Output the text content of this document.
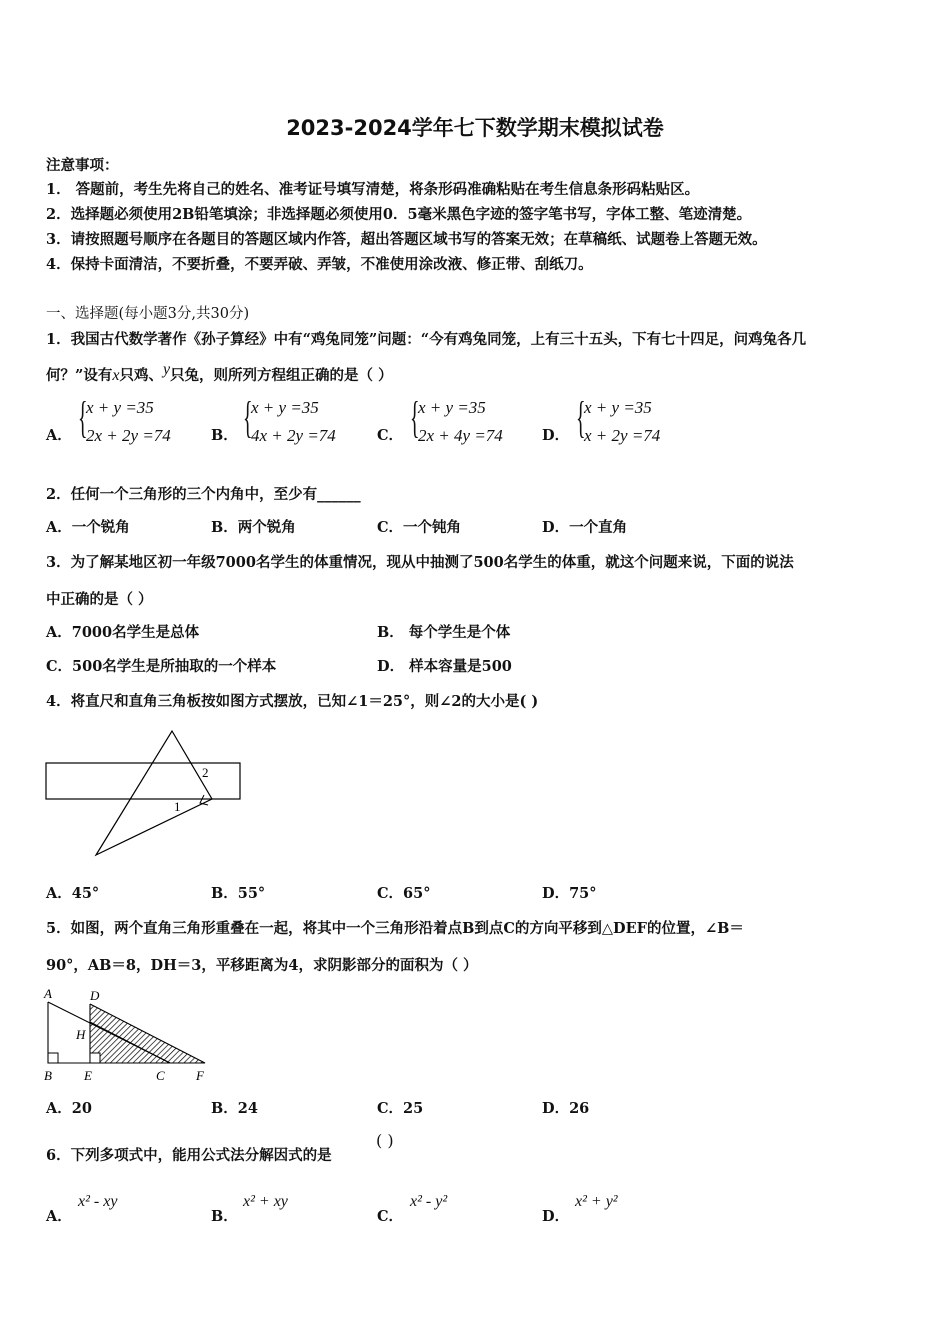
2023-2024学年七下数学期末模拟试卷
注意事项：
1． 答题前，考生先将自己的姓名、准考证号填写清楚，将条形码准确粘贴在考生信息条形码粘贴区。
2．选择题必须使用2B铅笔填涂；非选择题必须使用0．5毫米黑色字迹的签字笔书写，字体工整、笔迹清楚。
3．请按照题号顺序在各题目的答题区域内作答，超出答题区域书写的答案无效；在草稿纸、试题卷上答题无效。
4．保持卡面清洁，不要折叠，不要弄破、弄皱，不准使用涂改液、修正带、刮纸刀。
一、选择题(每小题3分,共30分)
1．我国古代数学著作《孙子算经》中有“鸡兔同笼”问题：“今有鸡兔同笼，上有三十五头，下有七十四足，问鸡兔各几
何？”设有x只鸡、y只兔，则所列方程组正确的是（ ）
A． {
x + y =35
2x + 2y =74	B． {
x + y =35
4x + 2y =74	C． {
x + y =35
2x + 4y =74	D． {
x + y =35
x + 2y =74
2．任何一个三角形的三个内角中，至少有______
A．一个锐角	B．两个锐角	C．一个钝角	D．一个直角
3．为了解某地区初一年级7000名学生的体重情况，现从中抽测了500名学生的体重，就这个问题来说，下面的说法
中正确的是（ ）
A．7000名学生是总体	B． 每个学生是个体
C．500名学生是所抽取的一个样本	D． 样本容量是500
4．将直尺和直角三角板按如图方式摆放，已知∠1＝25°，则∠2的大小是( )
2
1
A．45°	B．55°	C．65°	D．75°
5．如图，两个直角三角形重叠在一起，将其中一个三角形沿着点B到点C的方向平移到△DEF的位置，∠B＝
90°，AB＝8，DH＝3，平移距离为4，求阴影部分的面积为（ ）
A	D
H
B E	C F
A．20	B．24	C．25	D．26
6．下列多项式中，能用公式法分解因式的是
( )
A．
x² - xy
B．
x² + xy
C．
x² - y²
D．
x² + y²
